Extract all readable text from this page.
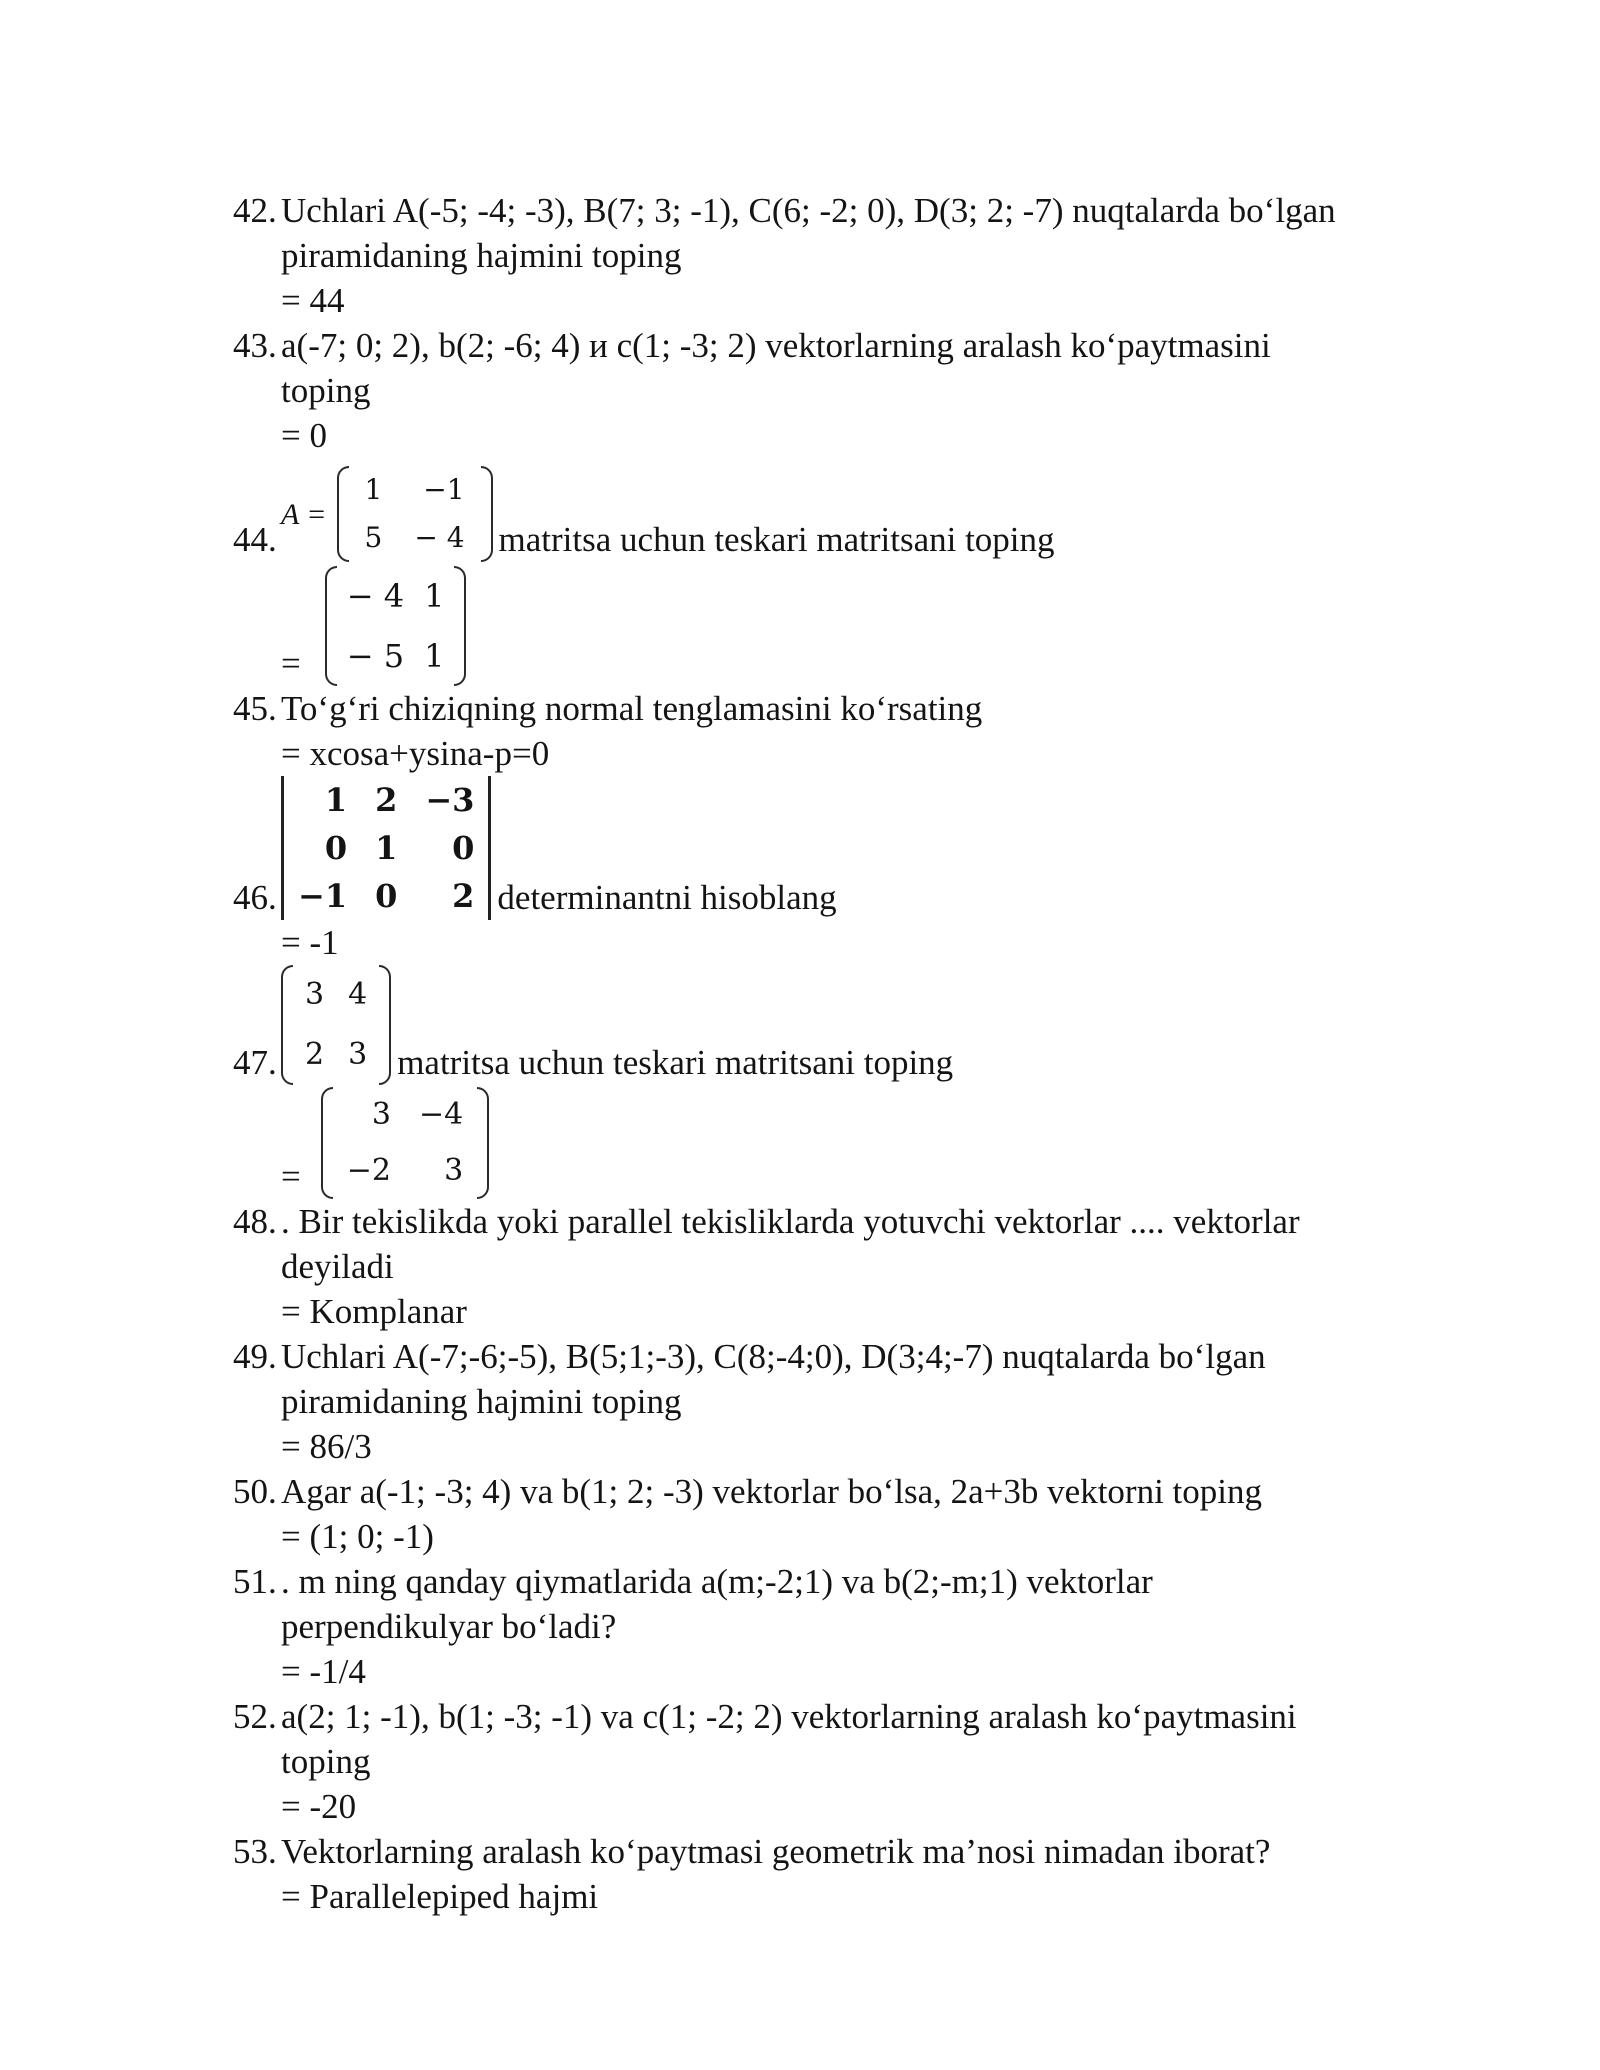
42. Uchlari A(-5; -4; -3), B(7; 3; -1), C(6; -2; 0), D(3; 2; -7) nuqtalarda bo‘lgan
piramidaning hajmini toping
= 44
43. a(-7; 0; 2), b(2; -6; 4) и c(1; -3; 2) vektorlarning aralash ko‘paytmasini
toping
= 0
44.
A =
1	−1
5	− 4 matritsa uchun teskari matritsani toping
=
− 4	1
− 5	1
45. To‘g‘ri chiziqning normal tenglamasini ko‘rsating
= xcosa+ysina-p=0
46.
1	2	−3
0	1	0
−1	0	2 determinantni hisoblang
= -1
47.
3	4
2	3 matritsa uchun teskari matritsani toping
=
3	−4
−2	3
48. . Bir tekislikda yoki parallel tekisliklarda yotuvchi vektorlar .... vektorlar
deyiladi
= Komplanar
49. Uchlari A(-7;-6;-5), B(5;1;-3), C(8;-4;0), D(3;4;-7) nuqtalarda bo‘lgan
piramidaning hajmini toping
= 86/3
50. Agar a(-1; -3; 4) va b(1; 2; -3) vektorlar bo‘lsa, 2a+3b vektorni toping
= (1; 0; -1)
51. . m ning qanday qiymatlarida a(m;-2;1) va b(2;-m;1) vektorlar
perpendikulyar bo‘ladi?
= -1/4
52. a(2; 1; -1), b(1; -3; -1) va c(1; -2; 2) vektorlarning aralash ko‘paytmasini
toping
= -20
53. Vektorlarning aralash ko‘paytmasi geometrik ma’nosi nimadan iborat?
= Parallelepiped hajmi
